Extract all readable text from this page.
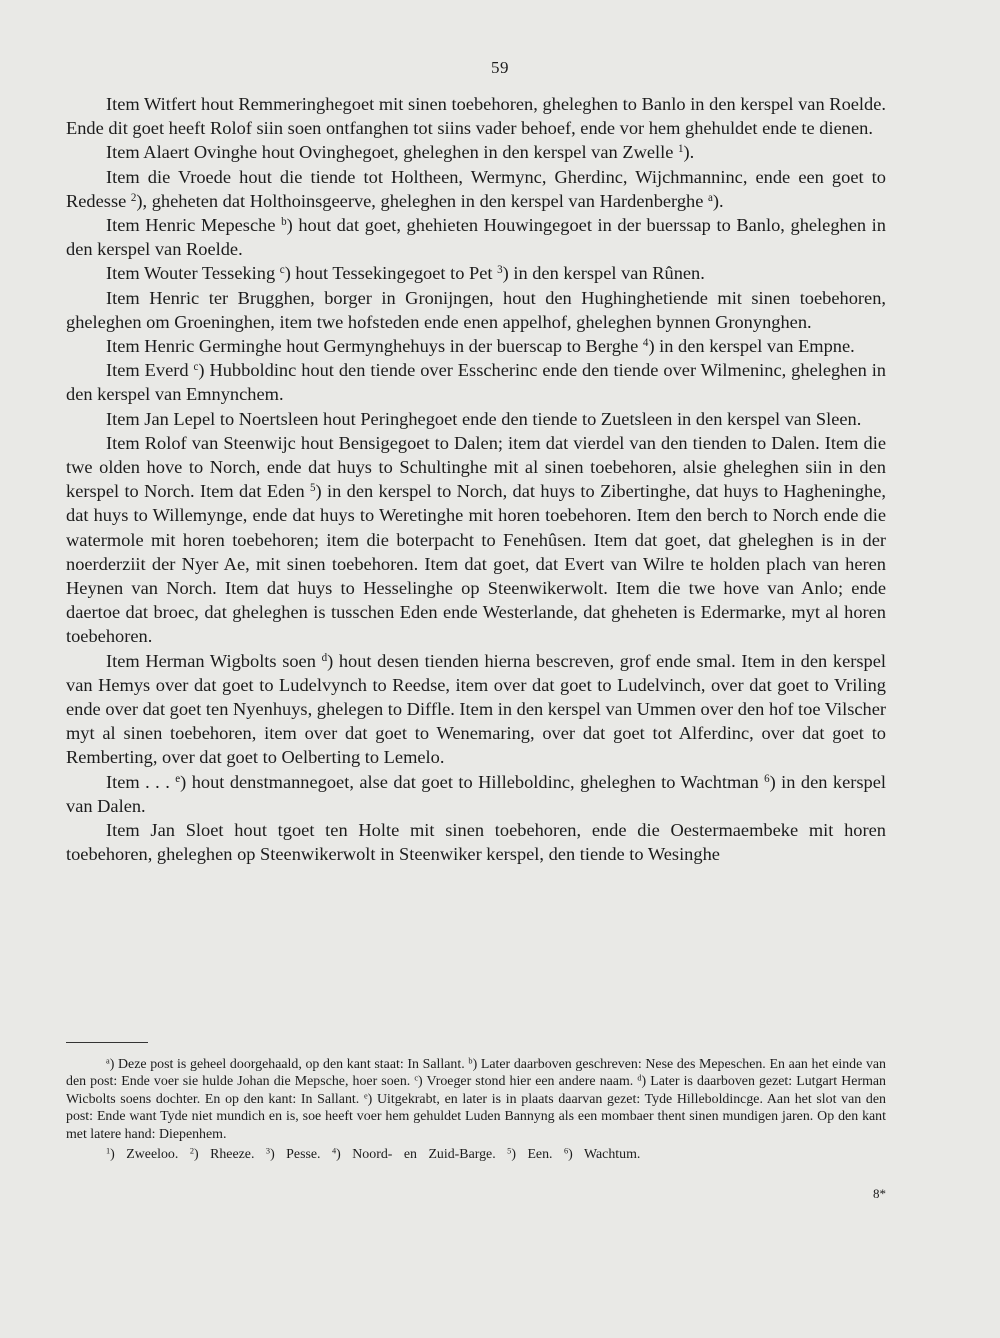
59

Item Witfert hout Remmeringhegoet mit sinen toebehoren, gheleghen to Banlo in den kerspel van Roelde. Ende dit goet heeft Rolof siin soen ontfanghen tot siins vader behoef, ende vor hem ghehuldet ende te dienen.

Item Alaert Ovinghe hout Ovinghegoet, gheleghen in den kerspel van Zwelle $^1$).

Item die Vroede hout die tiende tot Holtheen, Wermync, Gherdinc, Wijchmanninc, ende een goet to Redesse $^2$), gheheten dat Holthoinsgeerve, gheleghen in den kerspel van Hardenberghe $^a$).

Item Henric Mepesche $^b$) hout dat goet, ghehieten Houwingegoet in der buerssap to Banlo, gheleghen in den kerspel van Roelde.

Item Wouter Tesseking $^c$) hout Tessekingegoet to Pet $^3$) in den kerspel van Rûnen.

Item Henric ter Brugghen, borger in Gronijngen, hout den Hughinghetiende mit sinen toebehoren, gheleghen om Groeninghen, item twe hofsteden ende enen appelhof, gheleghen bynnen Gronynghen.

Item Henric Germinghe hout Germynghehuys in der buerscap to Berghe $^4$) in den kerspel van Empne.

Item Everd $^c$) Hubboldinc hout den tiende over Esscherinc ende den tiende over Wilmeninc, gheleghen in den kerspel van Emnynchem.

Item Jan Lepel to Noertsleen hout Peringhegoet ende den tiende to Zuetsleen in den kerspel van Sleen.

Item Rolof van Steenwijc hout Bensigegoet to Dalen; item dat vierdel van den tienden to Dalen. Item die twe olden hove to Norch, ende dat huys to Schultinghe mit al sinen toebehoren, alsie gheleghen siin in den kerspel to Norch. Item dat Eden $^5$) in den kerspel to Norch, dat huys to Zibertinghe, dat huys to Hagheninghe, dat huys to Willemynge, ende dat huys to Weretinghe mit horen toebehoren. Item den berch to Norch ende die watermole mit horen toebehoren; item die boterpacht to Fenehûsen. Item dat goet, dat gheleghen is in der noerderziit der Nyer Ae, mit sinen toebehoren. Item dat goet, dat Evert van Wilre te holden plach van heren Heynen van Norch. Item dat huys to Hesselinghe op Steenwikerwolt. Item die twe hove van Anlo; ende daertoe dat broec, dat gheleghen is tusschen Eden ende Westerlande, dat gheheten is Edermarke, myt al horen toebehoren.

Item Herman Wigbolts soen $^d$) hout desen tienden hierna bescreven, grof ende smal. Item in den kerspel van Hemys over dat goet to Ludelvynch to Reedse, item over dat goet to Ludelvinch, over dat goet to Vriling ende over dat goet ten Nyenhuys, ghelegen to Diffle. Item in den kerspel van Ummen over den hof toe Vilscher myt al sinen toebehoren, item over dat goet to Wenemaring, over dat goet tot Alferdinc, over dat goet to Remberting, over dat goet to Oelberting to Lemelo.

Item . . . $^e$) hout denstmannegoet, alse dat goet to Hilleboldinc, gheleghen to Wachtman $^6$) in den kerspel van Dalen.

Item Jan Sloet hout tgoet ten Holte mit sinen toebehoren, ende die Oestermaembeke mit horen toebehoren, gheleghen op Steenwikerwolt in Steenwiker kerspel, den tiende to Wesinghe

$^a$) Deze post is geheel doorgehaald, op den kant staat: In Sallant. $^b$) Later daarboven geschreven: Nese des Mepeschen. En aan het einde van den post: Ende voer sie hulde Johan die Mepsche, hoer soen. $^c$) Vroeger stond hier een andere naam. $^d$) Later is daarboven gezet: Lutgart Herman Wicbolts soens dochter. En op den kant: In Sallant. $^e$) Uitgekrabt, en later is in plaats daarvan gezet: Tyde Hilleboldincge. Aan het slot van den post: Ende want Tyde niet mundich en is, soe heeft voer hem gehuldet Luden Bannyng als een mombaer thent sinen mundigen jaren. Op den kant met latere hand: Diepenhem.
$^1$) Zweeloo. $^2$) Rheeze. $^3$) Pesse. $^4$) Noord- en Zuid-Barge. $^5$) Een. $^6$) Wachtum.
8*
